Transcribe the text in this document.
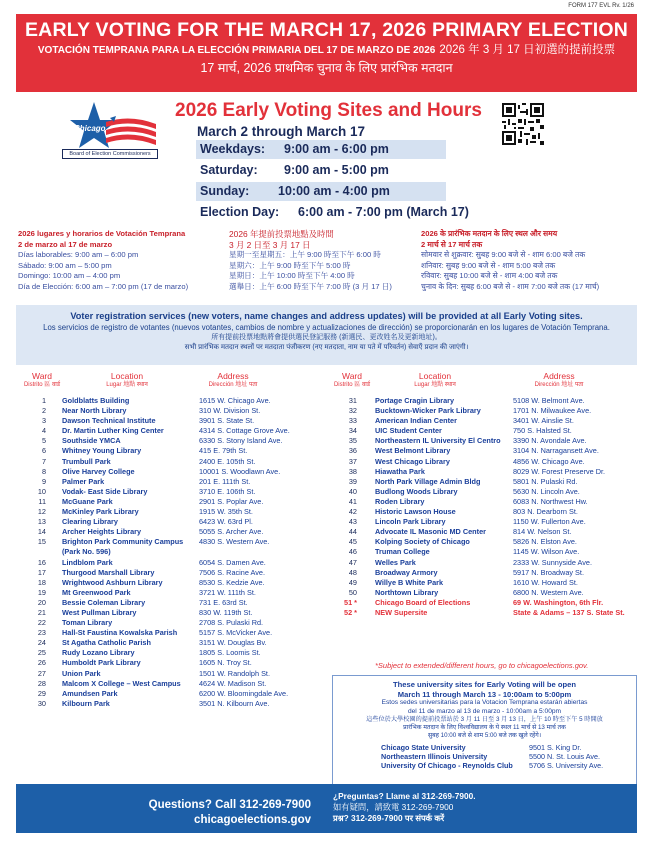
FORM 177 EVL Rv. 1/26
EARLY VOTING FOR THE MARCH 17, 2026 PRIMARY ELECTION
VOTACIÓN TEMPRANA PARA LA ELECCIÓN PRIMARIA DEL 17 DE MARZO DE 2026 2026 年 3 月 17 日初選的提前投票
17 मार्च, 2026 प्राथमिक चुनाव के लिए प्रारंभिक मतदान
Chicago
Board of Election Commissioners
2026 Early Voting Sites and Hours
March 2 through March 17
Weekdays: 9:00 am - 6:00 pm
Saturday: 9:00 am - 5:00 pm
Sunday: 10:00 am - 4:00 pm
Election Day: 6:00 am - 7:00 pm (March 17)
2026 lugares y horarios de Votación Temprana
2 de marzo al 17 de marzo
Días laborables: 9:00 am – 6:00 pm
Sábado: 9:00 am – 5:00 pm
Domingo: 10:00 am – 4:00 pm
Día de Elección: 6:00 am – 7:00 pm (17 de marzo)
2026 年提前投票地點及時間
3 月 2 日至 3 月 17 日
星期一至星期五：上午 9:00 時至下午 6:00 時
星期六：上午 9:00 時至下午 5:00 時
星期日：上午 10:00 時至下午 4:00 時
選舉日：上午 6:00 時至下午 7:00 時 (3 月 17 日)
2026 के प्रारंभिक मतदान के लिए स्थल और समय
2 मार्च से 17 मार्च तक
सोमवार से शुक्रवार: सुबह 9:00 बजे से - शाम 6:00 बजे तक
शनिवार: सुबह 9:00 बजे से - शाम 5:00 बजे तक
रविवार: सुबह 10:00 बजे से - शाम 4:00 बजे तक
चुनाव के दिन: सुबह 6:00 बजे से - शाम 7:00 बजे तक (17 मार्च)
Voter registration services (new voters, name changes and address updates) will be provided at all Early Voting sites.
Los servicios de registro de votantes (nuevos votantes, cambios de nombre y actualizaciones de dirección) se proporcionarán en los lugares de Votación Temprana.
所有提前投票地點將會提供選民登記服務 (新選民、更改姓名及更新地址)。
सभी प्रारंभिक मतदान स्थलों पर मतदाता पंजीकरण (नए मतदाता, नाम या पते में परिवर्तन) सेवाएँ प्रदान की जाएंगी।
Ward
Distrito 區 वार्ड
Location
Lugar 地點 स्थान
Address
Dirección 地址 पता
Ward
Distrito 區 वार्ड
Location
Lugar 地點 स्थान
Address
Dirección 地址 पता
1 Goldblatts Building	1615 W. Chicago Ave.
2 Near North Library	310 W. Division St.
3 Dawson Technical Institute	3901 S. State St.
4 Dr. Martin Luther King Center	4314 S. Cottage Grove Ave.
5 Southside YMCA	6330 S. Stony Island Ave.
6 Whitney Young Library	415 E. 79th St.
7 Trumbull Park	2400 E. 105th St.
8 Olive Harvey College	10001 S. Woodlawn Ave.
9 Palmer Park	201 E. 111th St.
10 Vodak- East Side Library	3710 E. 106th St.
11 McGuane Park	2901 S. Poplar Ave.
12 McKinley Park Library	1915 W. 35th St.
13 Clearing Library	6423 W. 63rd Pl.
14 Archer Heights Library	5055 S. Archer Ave.
15 Brighton Park Community Campus 4830 S. Western Ave.
(Park No. 596)
16 Lindblom Park	6054 S. Damen Ave.
17 Thurgood Marshall Library	7506 S. Racine Ave.
18 Wrightwood Ashburn Library	8530 S. Kedzie Ave.
19 Mt Greenwood Park	3721 W. 111th St.
20 Bessie Coleman Library	731 E. 63rd St.
21 West Pullman Library	830 W. 119th St.
22 Toman Library	2708 S. Pulaski Rd.
23 Hall-St Faustina Kowalska Parish	5157 S. McVicker Ave.
24 St Agatha Catholic Parish	3151 W. Douglas Bv.
25 Rudy Lozano Library	1805 S. Loomis St.
26 Humboldt Park Library	1605 N. Troy St.
27 Union Park	1501 W. Randolph St.
28 Malcom X College – West Campus	4624 W. Madison St.
29 Amundsen Park	6200 W. Bloomingdale Ave.
30 Kilbourn Park	3501 N. Kilbourn Ave.
31 Portage Cragin Library	5108 W. Belmont Ave.
32 Bucktown-Wicker Park Library	1701 N. Milwaukee Ave.
33 American Indian Center	3401 W. Ainslie St.
34 UIC Student Center	750 S. Halsted St.
35 Northeastern IL University El Centro 3390 N. Avondale Ave.
36 West Belmont Library	3104 N. Narragansett Ave.
37 West Chicago Library	4856 W. Chicago Ave.
38 Hiawatha Park	8029 W. Forest Preserve Dr.
39 North Park Village Admin Bldg	5801 N. Pulaski Rd.
40 Budlong Woods Library	5630 N. Lincoln Ave.
41 Roden Library	6083 N. Northwest Hw.
42 Historic Lawson House	803 N. Dearborn St.
43 Lincoln Park Library	1150 W. Fullerton Ave.
44 Advocate IL Masonic MD Center	814 W. Nelson St.
45 Kolping Society of Chicago	5826 N. Elston Ave.
46 Truman College	1145 W. Wilson Ave.
47 Welles Park	2333 W. Sunnyside Ave.
48 Broadway Armory	5917 N. Broadway St.
49 Willye B White Park	1610 W. Howard St.
50 Northtown Library	6800 N. Western Ave.
51 * Chicago Board of Elections	69 W. Washington, 6th Flr.
52 * NEW Supersite	State & Adams – 137 S. State St.
*Subject to extended/different hours, go to chicagoelections.gov.
These university sites for Early Voting will be open
March 11 through March 13 - 10:00am to 5:00pm
Estos sedes universitarias para la Votacion Temprana estarán abiertas
del 11 de marzo al 13 de marzo - 10:00am a 5:00pm
這些位於大學校園的提前投票站於 3 月 11 日至 3 月 13 日，上午 10 時至下午 5 時開放
प्रारंभिक मतदान के लिए विश्वविद्यालय के ये स्थल 11 मार्च से 13 मार्च तक
सुबह 10:00 बजे से शाम 5:00 बजे तक खुले रहेंगे।
Chicago State University	9501 S. King Dr.
Northeastern Illinois University	5500 N. St. Louis Ave.
University Of Chicago - Reynolds Club 5706 S. University Ave.
Questions? Call 312-269-7900
chicagoelections.gov
¿Preguntas? Llame al 312-269-7900.
如有疑問，請致電 312-269-7900
प्रश्न? 312-269-7900 पर संपर्क करें
